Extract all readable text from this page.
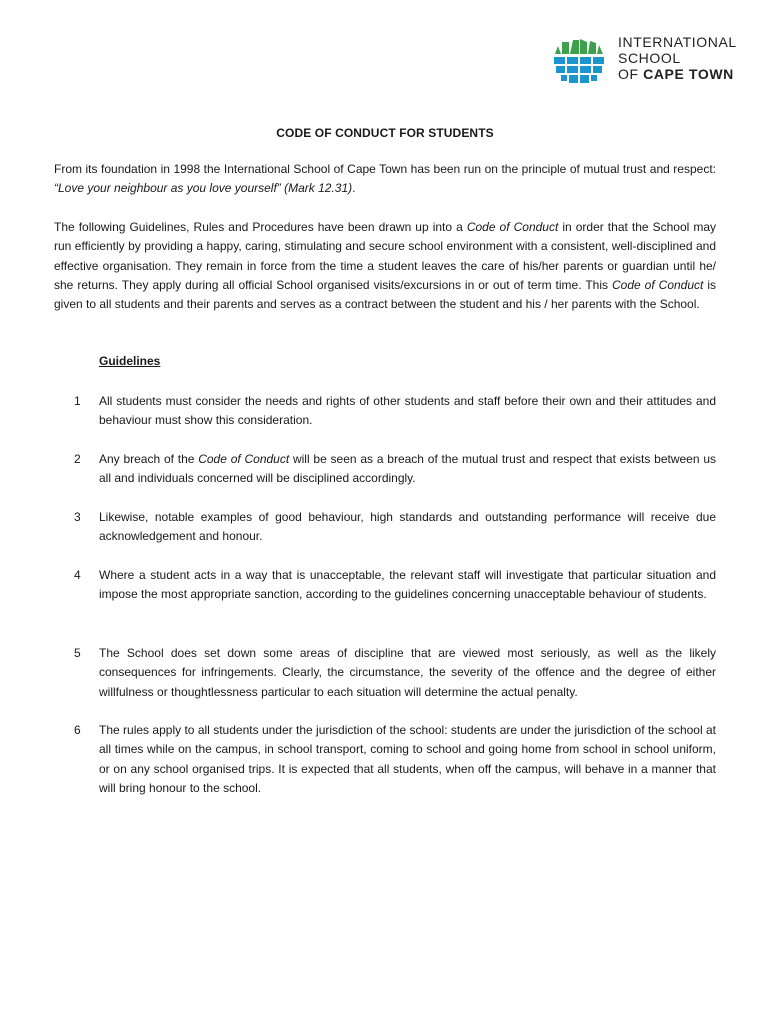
INTERNATIONAL
SCHOOL
OF CAPE TOWN
CODE OF CONDUCT FOR STUDENTS
From its foundation in 1998 the International School of Cape Town has been run on the principle of mutual trust and respect: “Love your neighbour as you love yourself” (Mark 12.31).
The following Guidelines, Rules and Procedures have been drawn up into a Code of Conduct in order that the School may run efficiently by providing a happy, caring, stimulating and secure school environment with a consistent, well-disciplined and effective organisation. They remain in force from the time a student leaves the care of his/her parents or guardian until he/ she returns. They apply during all official School organised visits/excursions in or out of term time. This Code of Conduct is given to all students and their parents and serves as a contract between the student and his / her parents with the School.
Guidelines
1 All students must consider the needs and rights of other students and staff before their own and their attitudes and behaviour must show this consideration.
2 Any breach of the Code of Conduct will be seen as a breach of the mutual trust and respect that exists between us all and individuals concerned will be disciplined accordingly.
3 Likewise, notable examples of good behaviour, high standards and outstanding performance will receive due acknowledgement and honour.
4 Where a student acts in a way that is unacceptable, the relevant staff will investigate that particular situation and impose the most appropriate sanction, according to the guidelines concerning unacceptable behaviour of students.
5 The School does set down some areas of discipline that are viewed most seriously, as well as the likely consequences for infringements. Clearly, the circumstance, the severity of the offence and the degree of either willfulness or thoughtlessness particular to each situation will determine the actual penalty.
6 The rules apply to all students under the jurisdiction of the school: students are under the jurisdiction of the school at all times while on the campus, in school transport, coming to school and going home from school in school uniform, or on any school organised trips. It is expected that all students, when off the campus, will behave in a manner that will bring honour to the school.
